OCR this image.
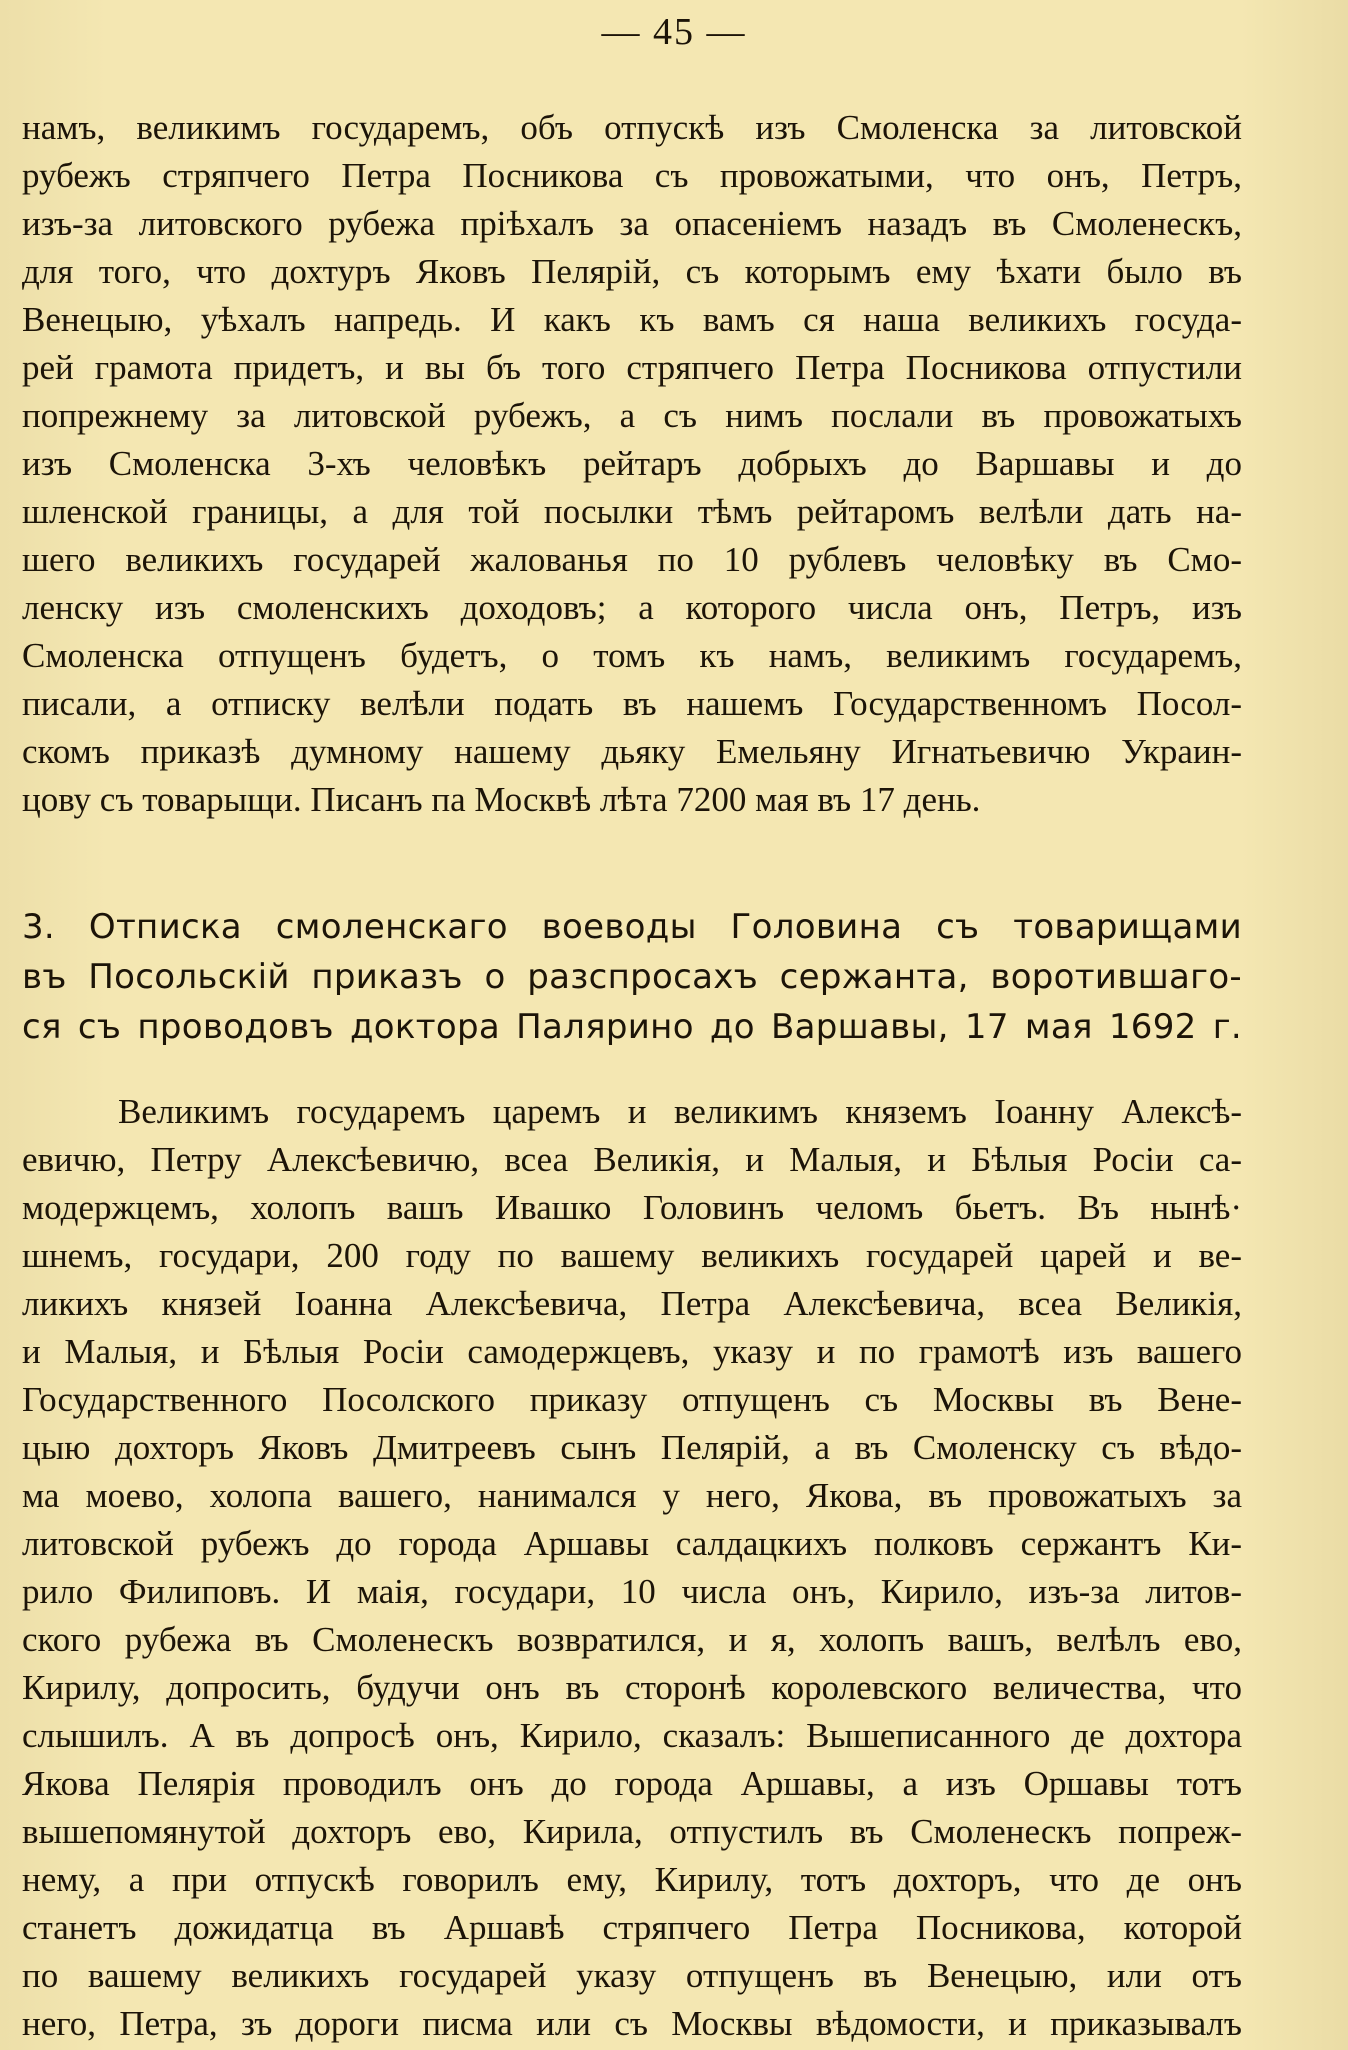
— 45 —
намъ, великимъ государемъ, объ отпускѣ изъ Смоленска за литовской
рубежъ стряпчего Петра Посникова съ провожатыми, что онъ, Петръ,
изъ-за литовского рубежа пріѣхалъ за опасеніемъ назадъ въ Смоленескъ,
для того, что дохтуръ Яковъ Пелярій, съ которымъ ему ѣхати было въ
Венецыю, уѣхалъ напредь. И какъ къ вамъ ся наша великихъ госуда-
рей грамота придетъ, и вы бъ того стряпчего Петра Посникова отпустили
попрежнему за литовской рубежъ, а съ нимъ послали въ провожатыхъ
изъ Смоленска 3-хъ человѣкъ рейтаръ добрыхъ до Варшавы и до
шленской границы, а для той посылки тѣмъ рейтаромъ велѣли дать на-
шего великихъ государей жалованья по 10 рублевъ человѣку въ Смо-
ленску изъ смоленскихъ доходовъ; а которого числа онъ, Петръ, изъ
Смоленска отпущенъ будетъ, о томъ къ намъ, великимъ государемъ,
писали, а отписку велѣли подать въ нашемъ Государственномъ Посол-
скомъ приказѣ думному нашему дьяку Емельяну Игнатьевичю Украин-
цову съ товарыщи. Писанъ па Москвѣ лѣта 7200 мая въ 17 день.
3. Отписка смоленскаго воеводы Головина съ товарищами
въ Посольскій приказъ о разспросахъ сержанта, воротившаго-
ся съ проводовъ доктора Палярино до Варшавы, 17 мая 1692 г.
Великимъ государемъ царемъ и великимъ княземъ Іоанну Алексѣ-
евичю, Петру Алексѣевичю, всеа Великія, и Малыя, и Бѣлыя Росіи са-
модержцемъ, холопъ вашъ Ивашко Головинъ челомъ бьетъ. Въ нынѣ·
шнемъ, государи, 200 году по вашему великихъ государей царей и ве-
ликихъ князей Іоанна Алексѣевича, Петра Алексѣевича, всеа Великія,
и Малыя, и Бѣлыя Росіи самодержцевъ, указу и по грамотѣ изъ вашего
Государственного Посолского приказу отпущенъ съ Москвы въ Вене-
цыю дохторъ Яковъ Дмитреевъ сынъ Пелярій, а въ Смоленску съ вѣдо-
ма моево, холопа вашего, нанимался у него, Якова, въ провожатыхъ за
литовской рубежъ до города Аршавы салдацкихъ полковъ сержантъ Ки-
рило Филиповъ. И маія, государи, 10 числа онъ, Кирило, изъ-за литов-
ского рубежа въ Смоленескъ возвратился, и я, холопъ вашъ, велѣлъ ево,
Кирилу, допросить, будучи онъ въ сторонѣ королевского величества, что
слышилъ. А въ допросѣ онъ, Кирило, сказалъ: Вышеписанного де дохтора
Якова Пелярія проводилъ онъ до города Аршавы, а изъ Оршавы тотъ
вышепомянутой дохторъ ево, Кирила, отпустилъ въ Смоленескъ попреж-
нему, а при отпускѣ говорилъ ему, Кирилу, тотъ дохторъ, что де онъ
станетъ дожидатца въ Аршавѣ стряпчего Петра Посникова, которой
по вашему великихъ государей указу отпущенъ въ Венецыю, или отъ
него, Петра, зъ дороги писма или съ Москвы вѣдомости, и приказывалъ
